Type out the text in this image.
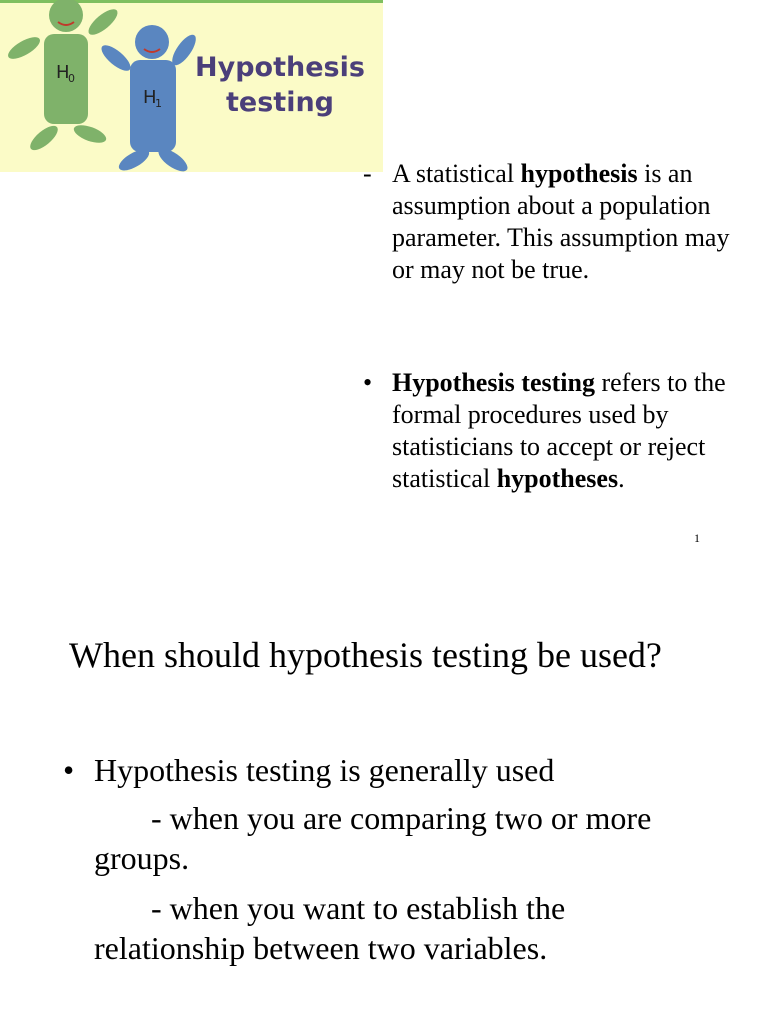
H
0
H
1
Hypothesis
testing
- A statistical hypothesis is an assumption about a population parameter. This assumption may or may not be true.
• Hypothesis testing refers to the formal procedures used by statisticians to accept or reject statistical hypotheses.
1
When should hypothesis testing be used?
• Hypothesis testing is generally used
- when you are comparing two or more
groups.
- when you want to establish the
relationship between two variables.
